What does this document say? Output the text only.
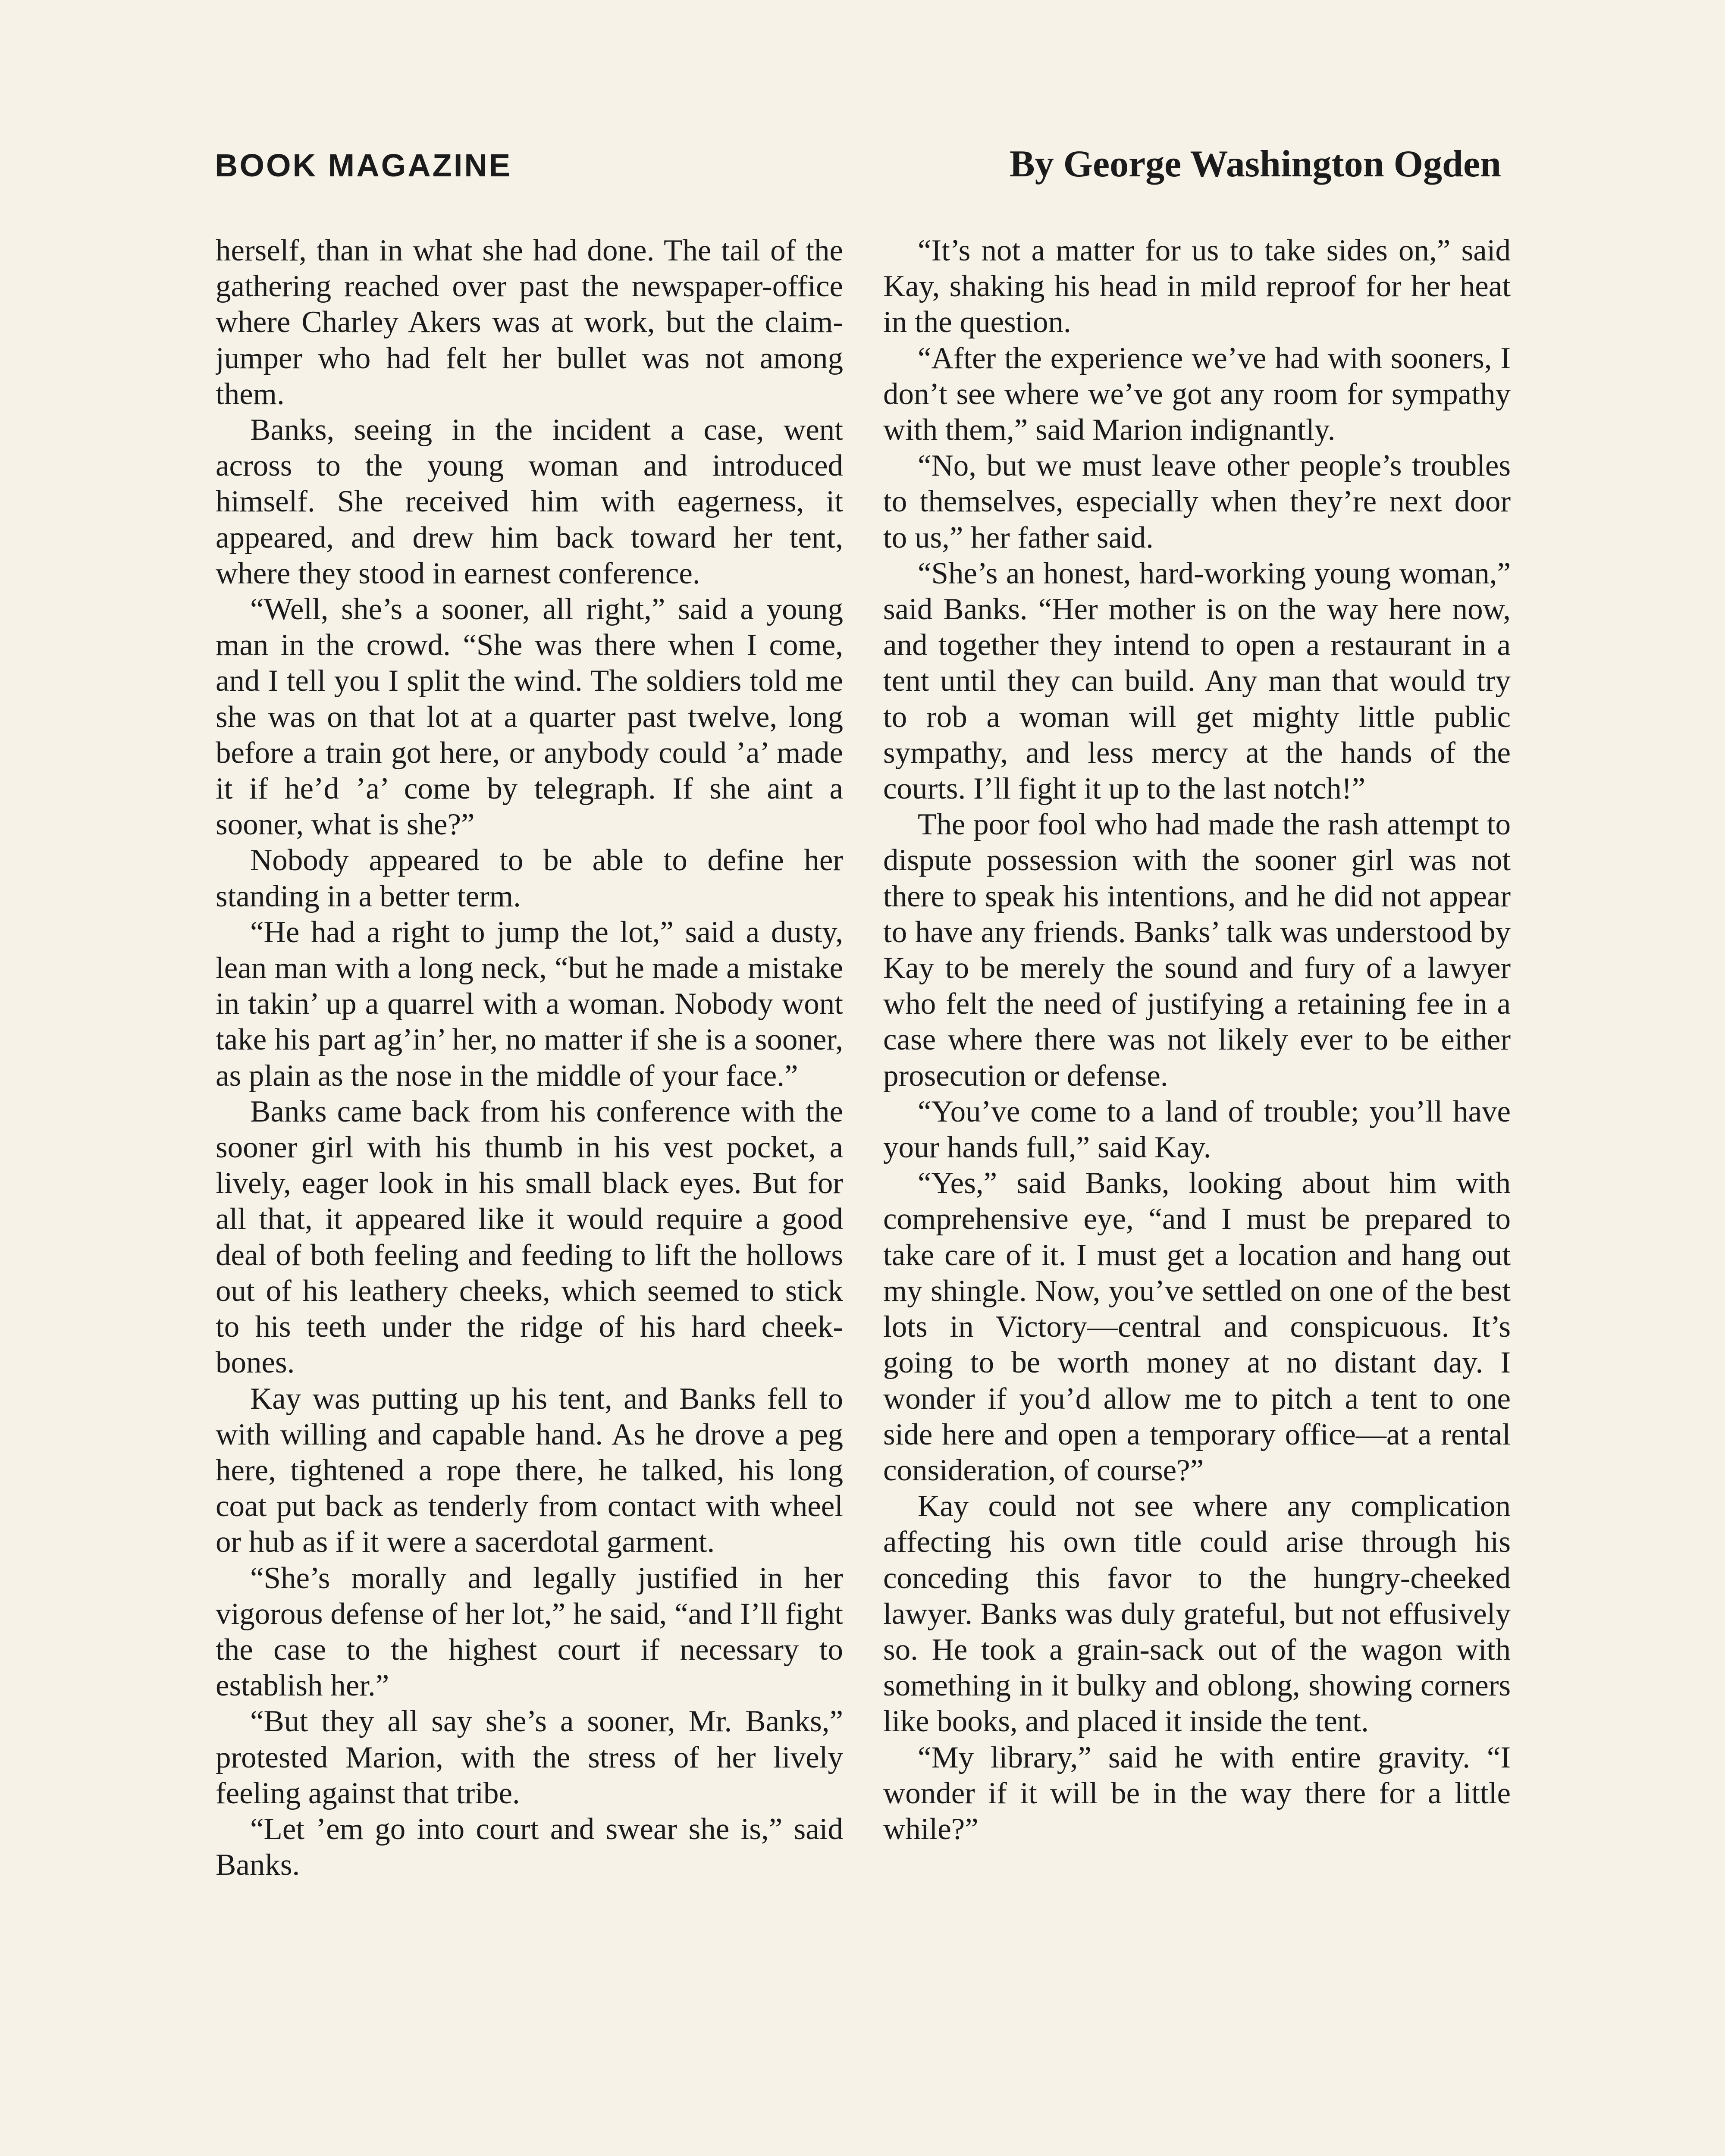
BOOK MAGAZINE	By George Washington Ogden

herself, than in what she had done. The tail of the gathering reached over past the newspaper-office where Charley Akers was at work, but the claim-jumper who had felt her bullet was not among them.

Banks, seeing in the incident a case, went across to the young woman and introduced himself. She received him with eagerness, it appeared, and drew him back toward her tent, where they stood in earnest conference.

“Well, she’s a sooner, all right,” said a young man in the crowd. “She was there when I come, and I tell you I split the wind. The soldiers told me she was on that lot at a quarter past twelve, long before a train got here, or anybody could ’a’ made it if he’d ’a’ come by telegraph. If she aint a sooner, what is she?”

Nobody appeared to be able to define her standing in a better term.

“He had a right to jump the lot,” said a dusty, lean man with a long neck, “but he made a mistake in takin’ up a quarrel with a woman. Nobody wont take his part ag’in’ her, no matter if she is a sooner, as plain as the nose in the middle of your face.”

Banks came back from his conference with the sooner girl with his thumb in his vest pocket, a lively, eager look in his small black eyes. But for all that, it appeared like it would require a good deal of both feeling and feeding to lift the hollows out of his leathery cheeks, which seemed to stick to his teeth under the ridge of his hard cheek-bones.

Kay was putting up his tent, and Banks fell to with willing and capable hand. As he drove a peg here, tightened a rope there, he talked, his long coat put back as tenderly from contact with wheel or hub as if it were a sacerdotal garment.

“She’s morally and legally justified in her vigorous defense of her lot,” he said, “and I’ll fight the case to the highest court if necessary to establish her.”

“But they all say she’s a sooner, Mr. Banks,” protested Marion, with the stress of her lively feeling against that tribe.

“Let ’em go into court and swear she is,” said Banks.

“It’s not a matter for us to take sides on,” said Kay, shaking his head in mild reproof for her heat in the question.

“After the experience we’ve had with sooners, I don’t see where we’ve got any room for sympathy with them,” said Marion indignantly.

“No, but we must leave other people’s troubles to themselves, especially when they’re next door to us,” her father said.

“She’s an honest, hard-working young woman,” said Banks. “Her mother is on the way here now, and together they intend to open a restaurant in a tent until they can build. Any man that would try to rob a woman will get mighty little public sympathy, and less mercy at the hands of the courts. I’ll fight it up to the last notch!”

The poor fool who had made the rash attempt to dispute possession with the sooner girl was not there to speak his intentions, and he did not appear to have any friends. Banks’ talk was understood by Kay to be merely the sound and fury of a lawyer who felt the need of justifying a retaining fee in a case where there was not likely ever to be either prosecution or defense.

“You’ve come to a land of trouble; you’ll have your hands full,” said Kay.

“Yes,” said Banks, looking about him with comprehensive eye, “and I must be prepared to take care of it. I must get a location and hang out my shingle. Now, you’ve settled on one of the best lots in Victory—central and conspicuous. It’s going to be worth money at no distant day. I wonder if you’d allow me to pitch a tent to one side here and open a temporary office—at a rental consideration, of course?”

Kay could not see where any complication affecting his own title could arise through his conceding this favor to the hungry-cheeked lawyer. Banks was duly grateful, but not effusively so. He took a grain-sack out of the wagon with something in it bulky and oblong, showing corners like books, and placed it inside the tent.

“My library,” said he with entire gravity. “I wonder if it will be in the way there for a little while?”
